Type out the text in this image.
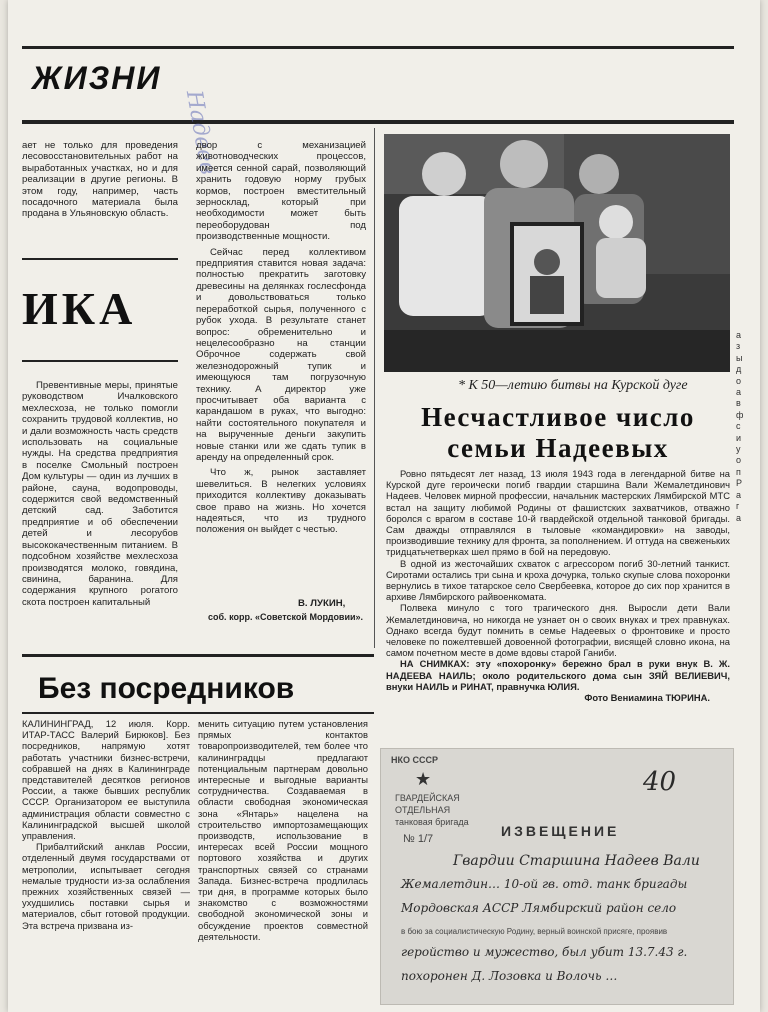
ЖИЗНИ
Надеев

ает не только для проведения лесовосстановительных работ на выработанных участках, но и для реализации в другие регионы. В этом году, например, часть посадочного материала была продана в Ульяновскую область.

ИКА

Превентивные меры, принятые руководством Ичалковского мехлесхоза, не только помогли сохранить трудовой коллектив, но и дали возможность часть средств использовать на социальные нужды. На средства предприятия в поселке Смольный построен Дом культуры — один из лучших в районе, сауна, водопроводы, содержится свой ведомственный детский сад. Заботится предприятие и об обеспечении детей и лесорубов высококачественным питанием. В подсобном хозяйстве мехлесхоза производятся молоко, говядина, свинина, баранина. Для содержания крупного рогатого скота построен капитальный

двор с механизацией животноводческих процессов, имеется сенной сарай, позволяющий хранить годовую норму грубых кормов, построен вместительный зерносклад, который при необходимости может быть переоборудован под производственные мощности.

Сейчас перед коллективом предприятия ставится новая задача: полностью прекратить заготовку древесины на делянках гослесфонда и довольствоваться только переработкой сырья, полученного с рубок ухода. В результате станет вопрос: обременительно и нецелесообразно на станции Оброчное содержать свой железнодорожный тупик и имеющуюся там погрузочную технику. А директор уже просчитывает оба варианта с карандашом в руках, что выгодно: найти состоятельного покупателя и на вырученные деньги закупить новые станки или же сдать тупик в аренду на определенный срок.

Что ж, рынок заставляет шевелиться. В нелегких условиях приходится коллективу доказывать свое право на жизнь. Но хочется надеяться, что из трудного положения он выйдет с честью.

В. ЛУКИН,
соб. корр. «Советской Мордовии».
* К 50—летию битвы на Курской дуге
Несчастливое число
семьи Надеевых

Ровно пятьдесят лет назад, 13 июля 1943 года в легендарной битве на Курской дуге героически погиб гвардии старшина Вали Жемалетдинович Надеев. Человек мирной профессии, начальник мастерских Лямбирской МТС встал на защиту любимой Родины от фашистских захватчиков, отважно боролся с врагом в составе 10-й гвардейской отдельной танковой бригады. Сам дважды отправлялся в тыловые «командировки» на заводы, производившие технику для фронта, за пополнением. И оттуда на свеженьких тридцатьчетверках шел прямо в бой на передовую.

В одной из жесточайших схваток с агрессором погиб 30-летний танкист. Сиротами остались три сына и кроха дочурка, только скупые слова похоронки вернулись в тихое татарское село Свербеевка, которое до сих пор хранится в архиве Лямбирского райвоенкомата.

Полвека минуло с того трагического дня. Выросли дети Вали Жемалетдиновича, но никогда не узнает он о своих внуках и трех правнуках. Однако всегда будут помнить в семье Надеевых о фронтовике и просто человеке по пожелтевшей довоенной фотографии, висящей словно икона, на самом почетном месте в доме вдовы старой Ганиби.

НА СНИМКАХ: эту «похоронку» бережно брал в руки внук В. Ж. НАДЕЕВА НАИЛЬ; около родительского дома сын ЗЯЙ ВЕЛИЕВИЧ, внуки НАИЛЬ и РИНАТ, правнучка ЮЛИЯ.

Фото Вениамина ТЮРИНА.
НКО СССР
★
ГВАРДЕЙСКАЯ
ОТДЕЛЬНАЯ
танковая бригада
№ 1/7
40
ИЗВЕЩЕНИЕ
Гвардии Старшина Надеев Вали
Жемалетдин… 10-ой гв. отд. танк бригады
Мордовская АССР Лямбирский район село
в бою за социалистическую Родину, верный воинской присяге, проявив
геройство и мужество, был убит 13.7.43 г.
похоронен Д. Лозовка и Волочь …
Без посредников

КАЛИНИНГРАД, 12 июля. Корр. ИТАР-ТАСС Валерий Бирюков]. Без посредников, напрямую хотят работать участники бизнес-встречи, собравшей на днях в Калининграде представителей десятков регионов России, а также бывших республик СССР. Организатором ее выступила администрация области совместно с Калининградской высшей школой управления.

Прибалтийский анклав России, отделенный двумя государствами от метрополии, испытывает сегодня немалые трудности из-за ослабления прежних хозяйственных связей — ухудшились поставки сырья и материалов, сбыт готовой продукции. Эта встреча призвана из-

менить ситуацию путем установления прямых контактов товаропроизводителей, тем более что калининградцы предлагают потенциальным партнерам довольно интересные и выгодные варианты сотрудничества. Создаваемая в области свободная экономическая зона «Янтарь» нацелена на строительство импортозамещающих производств, использование в интересах всей России мощного портового хозяйства и других транспортных связей со странами Запада. Бизнес-встреча продлилась три дня, в программе которых было знакомство с возможностями свободной экономической зоны и обсуждение проектов совместной деятельности.

а
з
ы
д
о
а
в
ф
с
и
у
о
п
Р
а
г
а
